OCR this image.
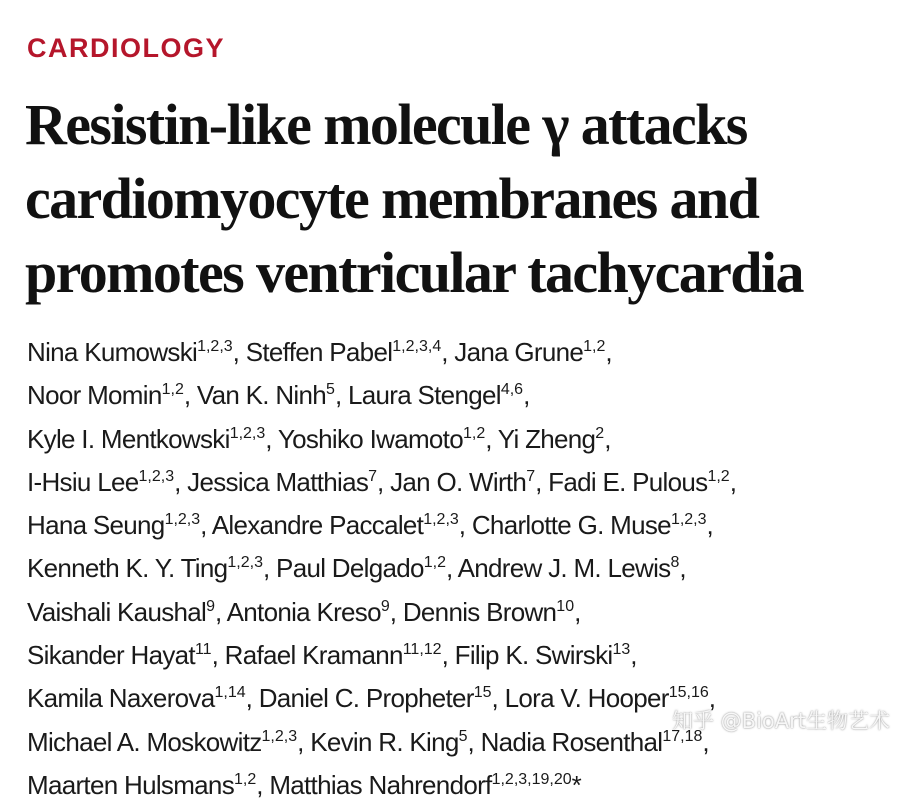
CARDIOLOGY
Resistin-like molecule γ attacks
cardiomyocyte membranes and
promotes ventricular tachycardia
Nina Kumowski$^{1,2,3}$, Steffen Pabel$^{1,2,3,4}$, Jana Grune$^{1,2}$,
Noor Momin$^{1,2}$, Van K. Ninh$^5$, Laura Stengel$^{4,6}$,
Kyle I. Mentkowski$^{1,2,3}$, Yoshiko Iwamoto$^{1,2}$, Yi Zheng$^2$,
I-Hsiu Lee$^{1,2,3}$, Jessica Matthias$^7$, Jan O. Wirth$^7$, Fadi E. Pulous$^{1,2}$,
Hana Seung$^{1,2,3}$, Alexandre Paccalet$^{1,2,3}$, Charlotte G. Muse$^{1,2,3}$,
Kenneth K. Y. Ting$^{1,2,3}$, Paul Delgado$^{1,2}$, Andrew J. M. Lewis$^8$,
Vaishali Kaushal$^9$, Antonia Kreso$^9$, Dennis Brown$^{10}$,
Sikander Hayat$^{11}$, Rafael Kramann$^{11,12}$, Filip K. Swirski$^{13}$,
Kamila Naxerova$^{1,14}$, Daniel C. Propheter$^{15}$, Lora V. Hooper$^{15,16}$,
Michael A. Moskowitz$^{1,2,3}$, Kevin R. King$^5$, Nadia Rosenthal$^{17,18}$,
Maarten Hulsmans$^{1,2}$, Matthias Nahrendorf$^{1,2,3,19,20}$*
知乎 @BioArt生物艺术
